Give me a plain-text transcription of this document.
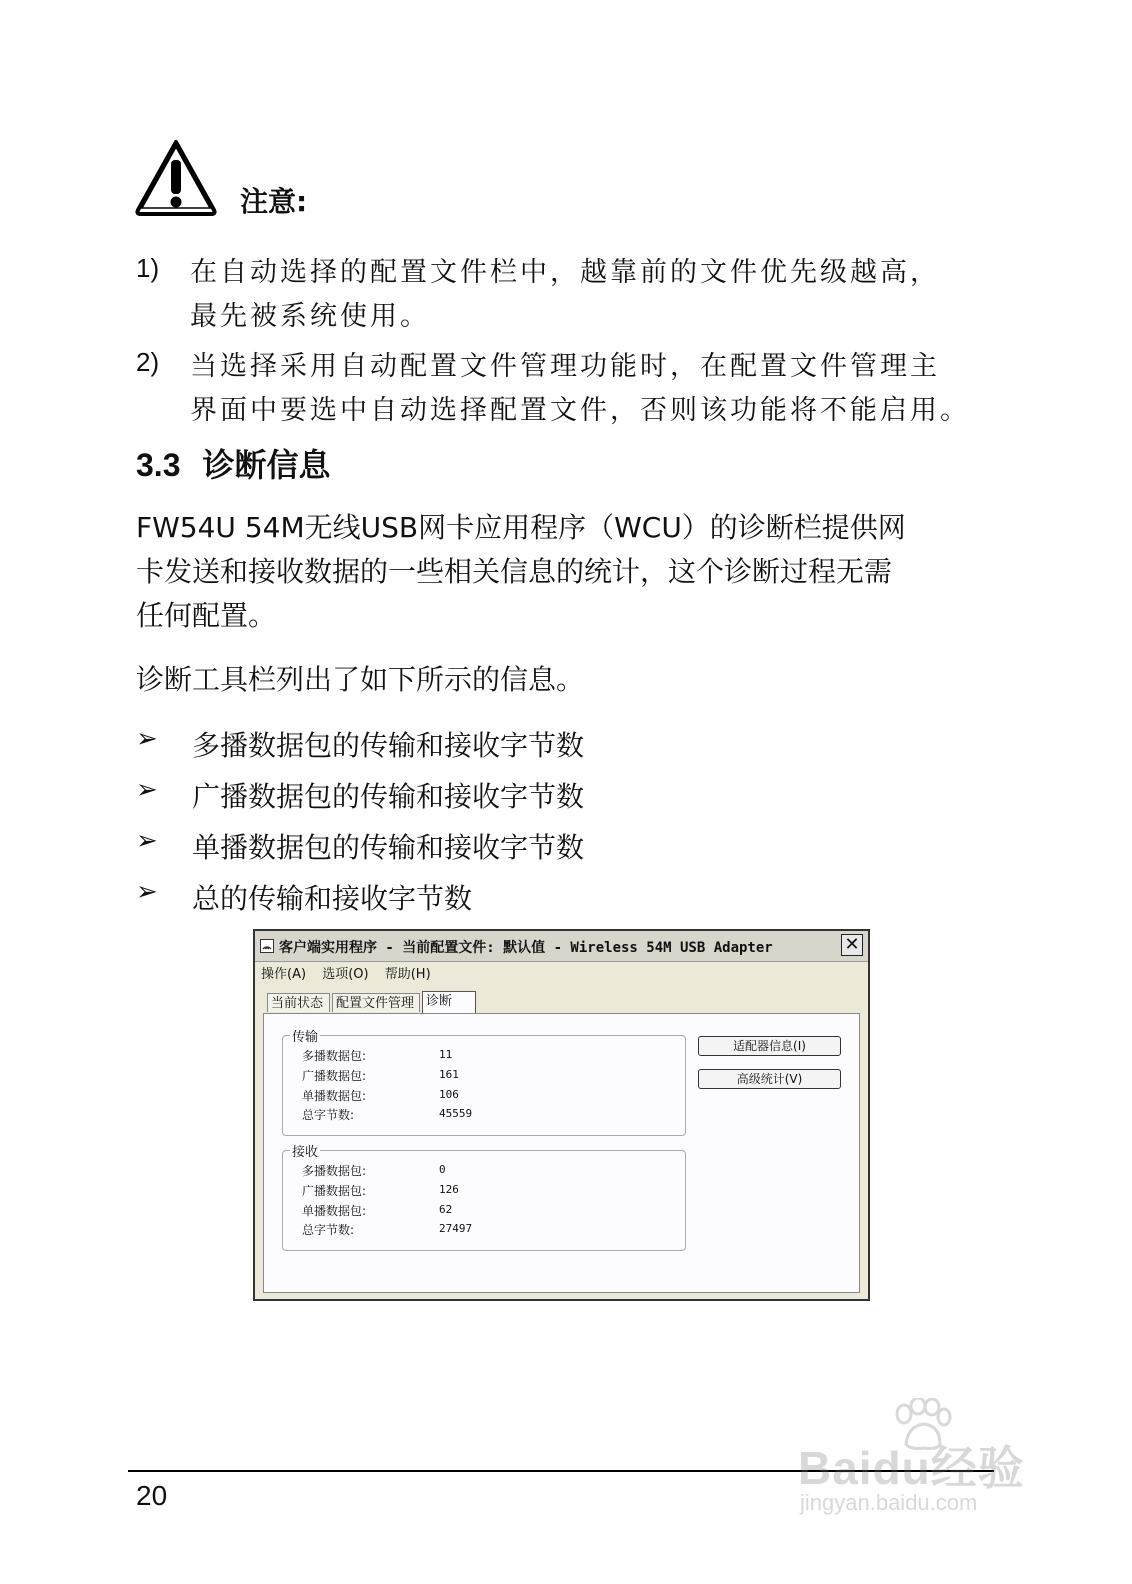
注意:
1) 在自动选择的配置文件栏中，越靠前的文件优先级越高，
最先被系统使用。
2) 当选择采用自动配置文件管理功能时，在配置文件管理主
界面中要选中自动选择配置文件，否则该功能将不能启用。
3.3 诊断信息
FW54U 54M无线USB网卡应用程序（WCU）的诊断栏提供网
卡发送和接收数据的一些相关信息的统计，这个诊断过程无需
任何配置。
诊断工具栏列出了如下所示的信息。
➢ 多播数据包的传输和接收字节数
➢ 广播数据包的传输和接收字节数
➢ 单播数据包的传输和接收字节数
➢ 总的传输和接收字节数
客户端实用程序 - 当前配置文件: 默认值 - Wireless 54M USB Adapter	✕
操作(A) 选项(O) 帮助(H)
当前状态 配置文件管理 诊断
传输
多播数据包:	11
广播数据包:	161
单播数据包:	106
总字节数:	45559
接收
多播数据包:	0
广播数据包:	126
单播数据包:	62
总字节数:	27497
适配器信息(I)
高级统计(V)
20
Baidu经验
jingyan.baidu.com
